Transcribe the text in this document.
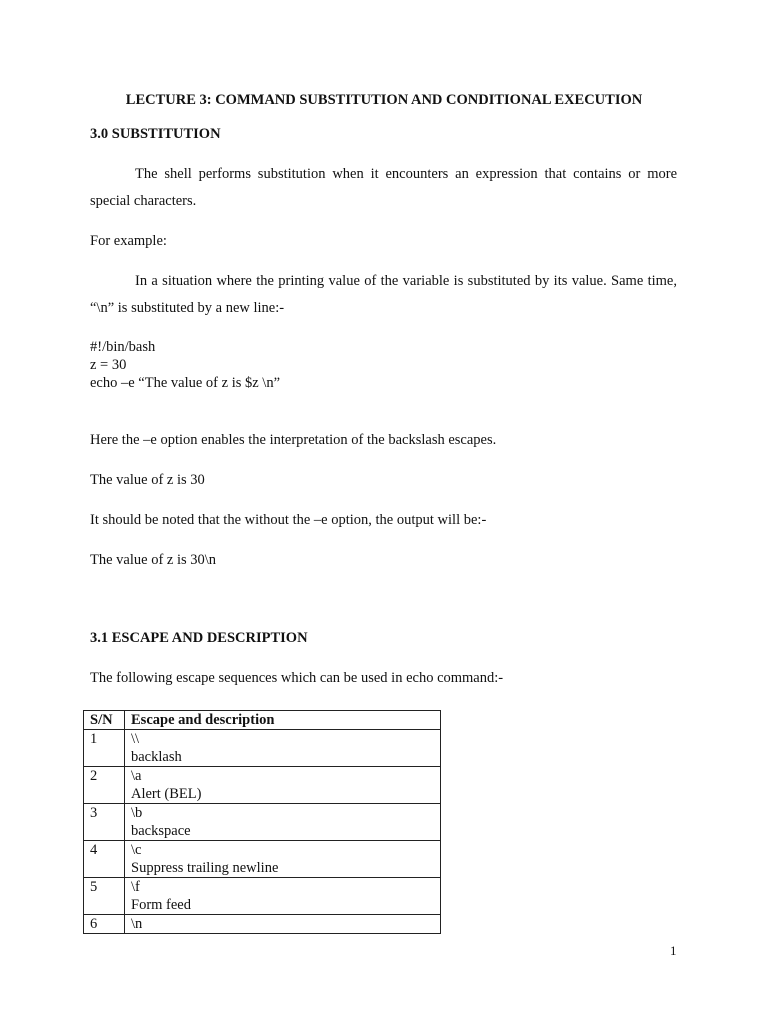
LECTURE 3: COMMAND SUBSTITUTION AND CONDITIONAL EXECUTION
3.0 SUBSTITUTION

The shell performs substitution when it encounters an expression that contains or more special characters.

For example:

In a situation where the printing value of the variable is substituted by its value. Same time, “\n” is substituted by a new line:-

#!/bin/bash
z = 30
echo –e “The value of z is $z \n”
Here the –e option enables the interpretation of the backslash escapes.
The value of z is 30
It should be noted that the without the –e option, the output will be:-
The value of z is 30\n
3.1 ESCAPE AND DESCRIPTION
The following escape sequences which can be used in echo command:-
S/N	Escape and description
1	\\
backlash

2	\a
Alert (BEL)

3	\b
backspace

4	\c
Suppress trailing newline

5	\f
Form feed

6	\n
1
